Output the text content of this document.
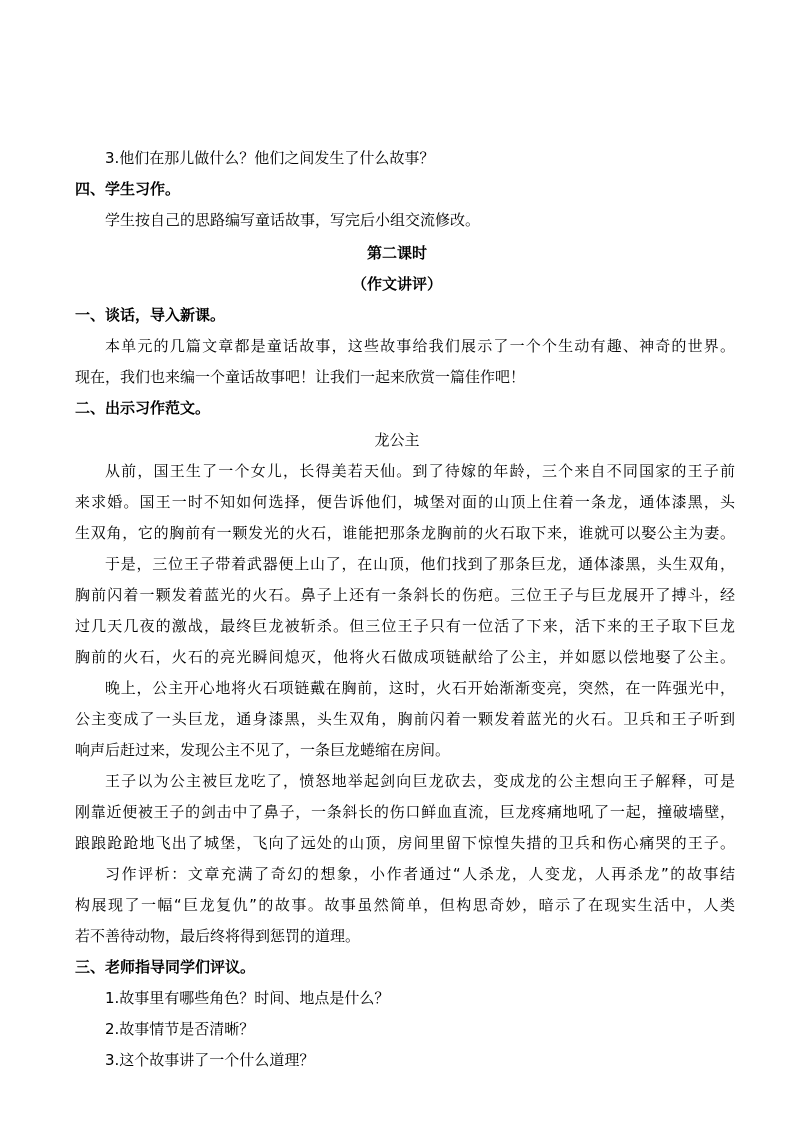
3.他们在那儿做什么？他们之间发生了什么故事？
四、学生习作。
学生按自己的思路编写童话故事，写完后小组交流修改。
第二课时
（作文讲评）
一、谈话，导入新课。
本单元的几篇文章都是童话故事，这些故事给我们展示了一个个生动有趣、神奇的世界。
现在，我们也来编一个童话故事吧！让我们一起来欣赏一篇佳作吧！
二、出示习作范文。
龙公主
从前，国王生了一个女儿，长得美若天仙。到了待嫁的年龄，三个来自不同国家的王子前
来求婚。国王一时不知如何选择，便告诉他们，城堡对面的山顶上住着一条龙，通体漆黑，头
生双角，它的胸前有一颗发光的火石，谁能把那条龙胸前的火石取下来，谁就可以娶公主为妻。
于是，三位王子带着武器便上山了，在山顶，他们找到了那条巨龙，通体漆黑，头生双角，
胸前闪着一颗发着蓝光的火石。鼻子上还有一条斜长的伤疤。三位王子与巨龙展开了搏斗，经
过几天几夜的激战，最终巨龙被斩杀。但三位王子只有一位活了下来，活下来的王子取下巨龙
胸前的火石，火石的亮光瞬间熄灭，他将火石做成项链献给了公主，并如愿以偿地娶了公主。
晚上，公主开心地将火石项链戴在胸前，这时，火石开始渐渐变亮，突然，在一阵强光中，
公主变成了一头巨龙，通身漆黑，头生双角，胸前闪着一颗发着蓝光的火石。卫兵和王子听到
响声后赶过来，发现公主不见了，一条巨龙蜷缩在房间。
王子以为公主被巨龙吃了，愤怒地举起剑向巨龙砍去，变成龙的公主想向王子解释，可是
刚靠近便被王子的剑击中了鼻子，一条斜长的伤口鲜血直流，巨龙疼痛地吼了一起，撞破墙壁，
踉踉跄跄地飞出了城堡，飞向了远处的山顶，房间里留下惊惶失措的卫兵和伤心痛哭的王子。
习作评析：文章充满了奇幻的想象，小作者通过“人杀龙，人变龙，人再杀龙”的故事结
构展现了一幅“巨龙复仇”的故事。故事虽然简单，但构思奇妙，暗示了在现实生活中，人类
若不善待动物，最后终将得到惩罚的道理。
三、老师指导同学们评议。
1.故事里有哪些角色？时间、地点是什么？
2.故事情节是否清晰？
3.这个故事讲了一个什么道理？
